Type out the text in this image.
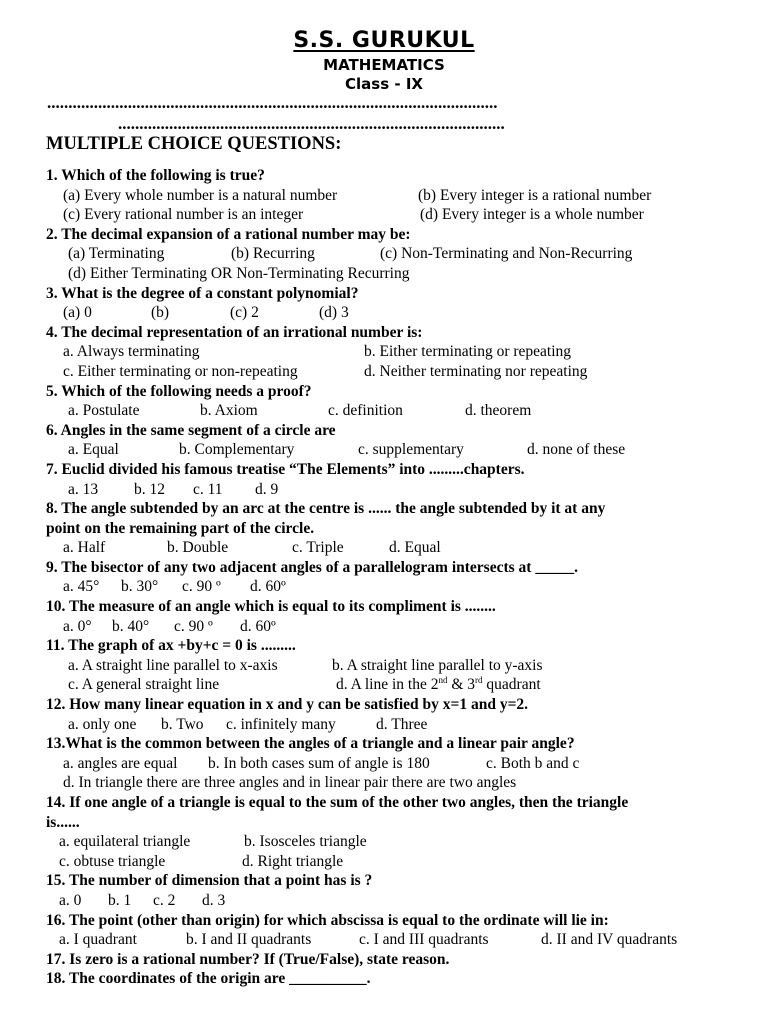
S.S. GURUKUL
MATHEMATICS
Class - IX
..........................................................................................................
...........................................................................................
MULTIPLE CHOICE QUESTIONS:
1. Which of the following is true?
(a) Every whole number is a natural number	(b) Every integer is a rational number
(c) Every rational number is an integer	(d) Every integer is a whole number
2. The decimal expansion of a rational number may be:
(a) Terminating	(b) Recurring	(c) Non-Terminating and Non-Recurring
(d) Either Terminating OR Non-Terminating Recurring
3. What is the degree of a constant polynomial?
(a) 0	(b)	(c) 2	(d) 3
4. The decimal representation of an irrational number is:
a. Always terminating	b. Either terminating or repeating
c. Either terminating or non-repeating	d. Neither terminating nor repeating
5. Which of the following needs a proof?
a. Postulate	b. Axiom	c. definition	d. theorem
6. Angles in the same segment of a circle are
a. Equal	b. Complementary	c. supplementary	d. none of these
7. Euclid divided his famous treatise “The Elements” into .........chapters.
a. 13 b. 12 c. 11 d. 9
8. The angle subtended by an arc at the centre is ...... the angle subtended by it at any
point on the remaining part of the circle.
a. Half	b. Double	c. Triple	d. Equal
9. The bisector of any two adjacent angles of a parallelogram intersects at _____.
a. 45° b. 30° c. 90 º d. 60º
10. The measure of an angle which is equal to its compliment is ........
a. 0° b. 40° c. 90 º d. 60º
11. The graph of ax +by+c = 0 is .........
a. A straight line parallel to x-axis	b. A straight line parallel to y-axis
c. A general straight line	d. A line in the 2nd & 3rd quadrant
12. How many linear equation in x and y can be satisfied by x=1 and y=2.
a. only one b. Two c. infinitely many	d. Three
13.What is the common between the angles of a triangle and a linear pair angle?
a. angles are equal b. In both cases sum of angle is 180	c. Both b and c
d. In triangle there are three angles and in linear pair there are two angles
14. If one angle of a triangle is equal to the sum of the other two angles, then the triangle
is......
a. equilateral triangle	b. Isosceles triangle
c. obtuse triangle	d. Right triangle
15. The number of dimension that a point has is ?
a. 0 b. 1 c. 2 d. 3
16. The point (other than origin) for which abscissa is equal to the ordinate will lie in:
a. I quadrant	b. I and II quadrants	c. I and III quadrants	d. II and IV quadrants
17. Is zero is a rational number? If (True/False), state reason.
18. The coordinates of the origin are __________.
